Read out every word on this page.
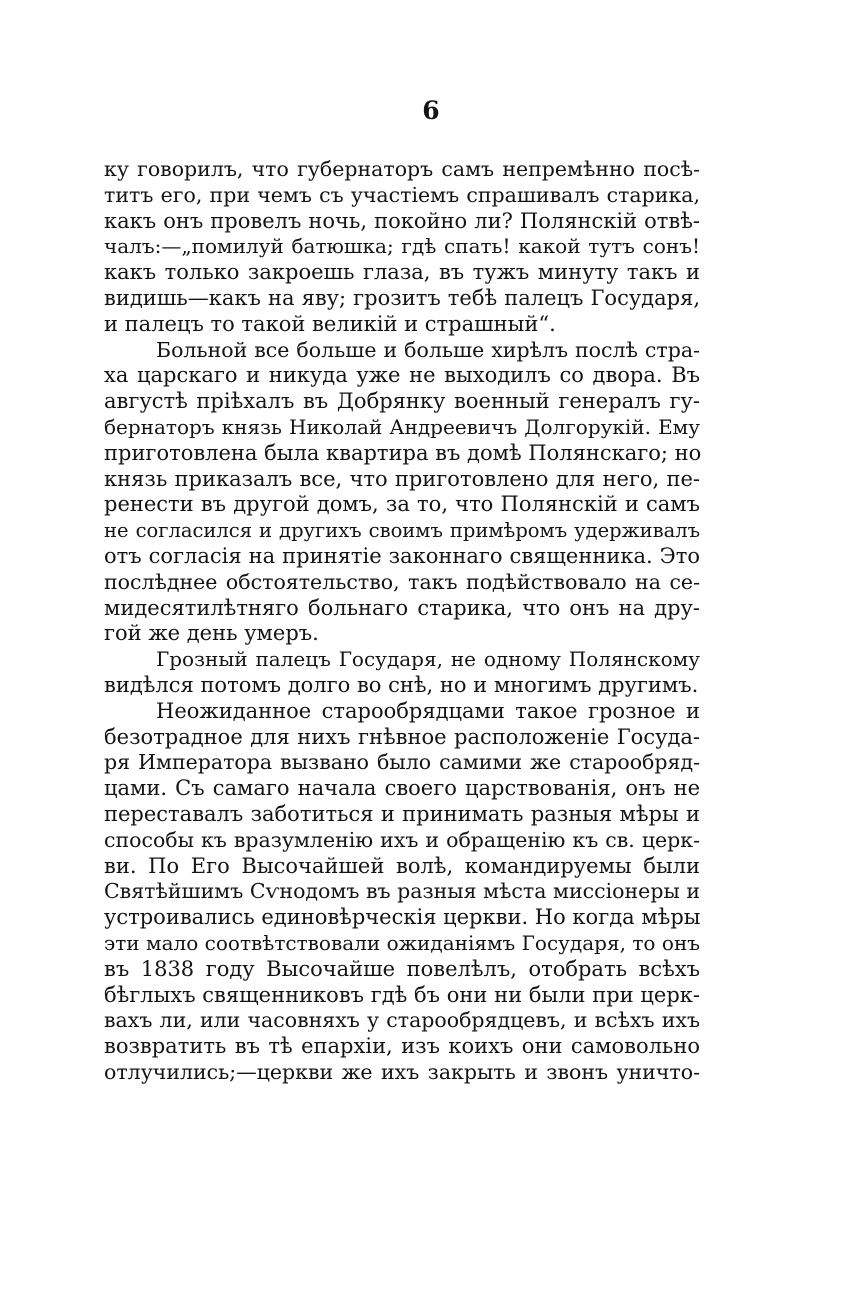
6
ку говорилъ, что губернаторъ самъ непремѣнно посѣ-
титъ его, при чемъ съ участіемъ спрашивалъ старика,
какъ онъ провелъ ночь, покойно ли? Полянскій отвѣ-
чалъ:—„помилуй батюшка; гдѣ спать! какой тутъ сонъ!
какъ только закроешь глаза, въ тужъ минуту такъ и
видишь—какъ на яву; грозитъ тебѣ палецъ Государя,
и палецъ то такой великій и страшный“.
Больной все больше и больше хирѣлъ послѣ стра-
ха царскаго и никуда уже не выходилъ со двора. Въ
августѣ пріѣхалъ въ Добрянку военный генералъ гу-
бернаторъ князь Николай Андреевичъ Долгорукій. Ему
приготовлена была квартира въ домѣ Полянскаго; но
князь приказалъ все, что приготовлено для него, пе-
ренести въ другой домъ, за то, что Полянскій и самъ
не согласился и другихъ своимъ примѣромъ удерживалъ
отъ согласія на принятіе законнаго священника. Это
послѣднее обстоятельство, такъ подѣйствовало на се-
мидесятилѣтняго больнаго старика, что онъ на дру-
гой же день умеръ.
Грозный палецъ Государя, не одному Полянскому
видѣлся потомъ долго во снѣ, но и многимъ другимъ.
Неожиданное старообрядцами такое грозное и
безотрадное для нихъ гнѣвное расположеніе Госуда-
ря Императора вызвано было самими же старообряд-
цами. Съ самаго начала своего царствованія, онъ не
переставалъ заботиться и принимать разныя мѣры и
способы къ вразумленію ихъ и обращенію къ св. церк-
ви. По Его Высочайшей волѣ, командируемы были
Святѣйшимъ Сѵнодомъ въ разныя мѣста миссіонеры и
устроивались единовѣрческія церкви. Но когда мѣры
эти мало соотвѣтствовали ожиданіямъ Государя, то онъ
въ 1838 году Высочайше повелѣлъ, отобрать всѣхъ
бѣглыхъ священниковъ гдѣ бъ они ни были при церк-
вахъ ли, или часовняхъ у старообрядцевъ, и всѣхъ ихъ
возвратить въ тѣ епархіи, изъ коихъ они самовольно
отлучились;—церкви же ихъ закрыть и звонъ уничто-
